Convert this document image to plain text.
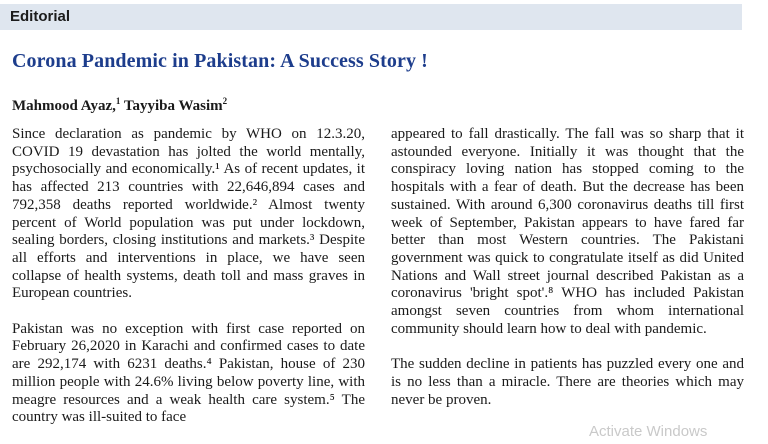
Editorial
Corona Pandemic in Pakistan: A Success Story !
Mahmood Ayaz,$^1$ Tayyiba Wasim$^2$

Since declaration as pandemic by WHO on 12.3.20, COVID 19 devastation has jolted the world mentally, psychosocially and economically.¹ As of recent updates, it has affected 213 countries with 22,646,894 cases and 792,358 deaths reported worldwide.² Almost twenty percent of World population was put under lockdown, sealing borders, closing institutions and markets.³ Despite all efforts and interventions in place, we have seen collapse of health systems, death toll and mass graves in European countries.

Pakistan was no exception with first case reported on February 26,2020 in Karachi and confirmed cases to date are 292,174 with 6231 deaths.⁴ Pakistan, house of 230 million people with 24.6% living below poverty line, with meagre resources and a weak health care system.⁵ The country was ill-suited to face

appeared to fall drastically. The fall was so sharp that it astounded everyone. Initially it was thought that the conspiracy loving nation has stopped coming to the hospitals with a fear of death. But the decrease has been sustained. With around 6,300 coronavirus deaths till first week of September, Pakistan appears to have fared far better than most Western countries. The Pakistani government was quick to congratulate itself as did United Nations and Wall street journal described Pakistan as a coronavirus 'bright spot'.⁸ WHO has included Pakistan amongst seven countries from whom international community should learn how to deal with pandemic.

The sudden decline in patients has puzzled every one and is no less than a miracle. There are theories which may never be proven.

Activate Windows
